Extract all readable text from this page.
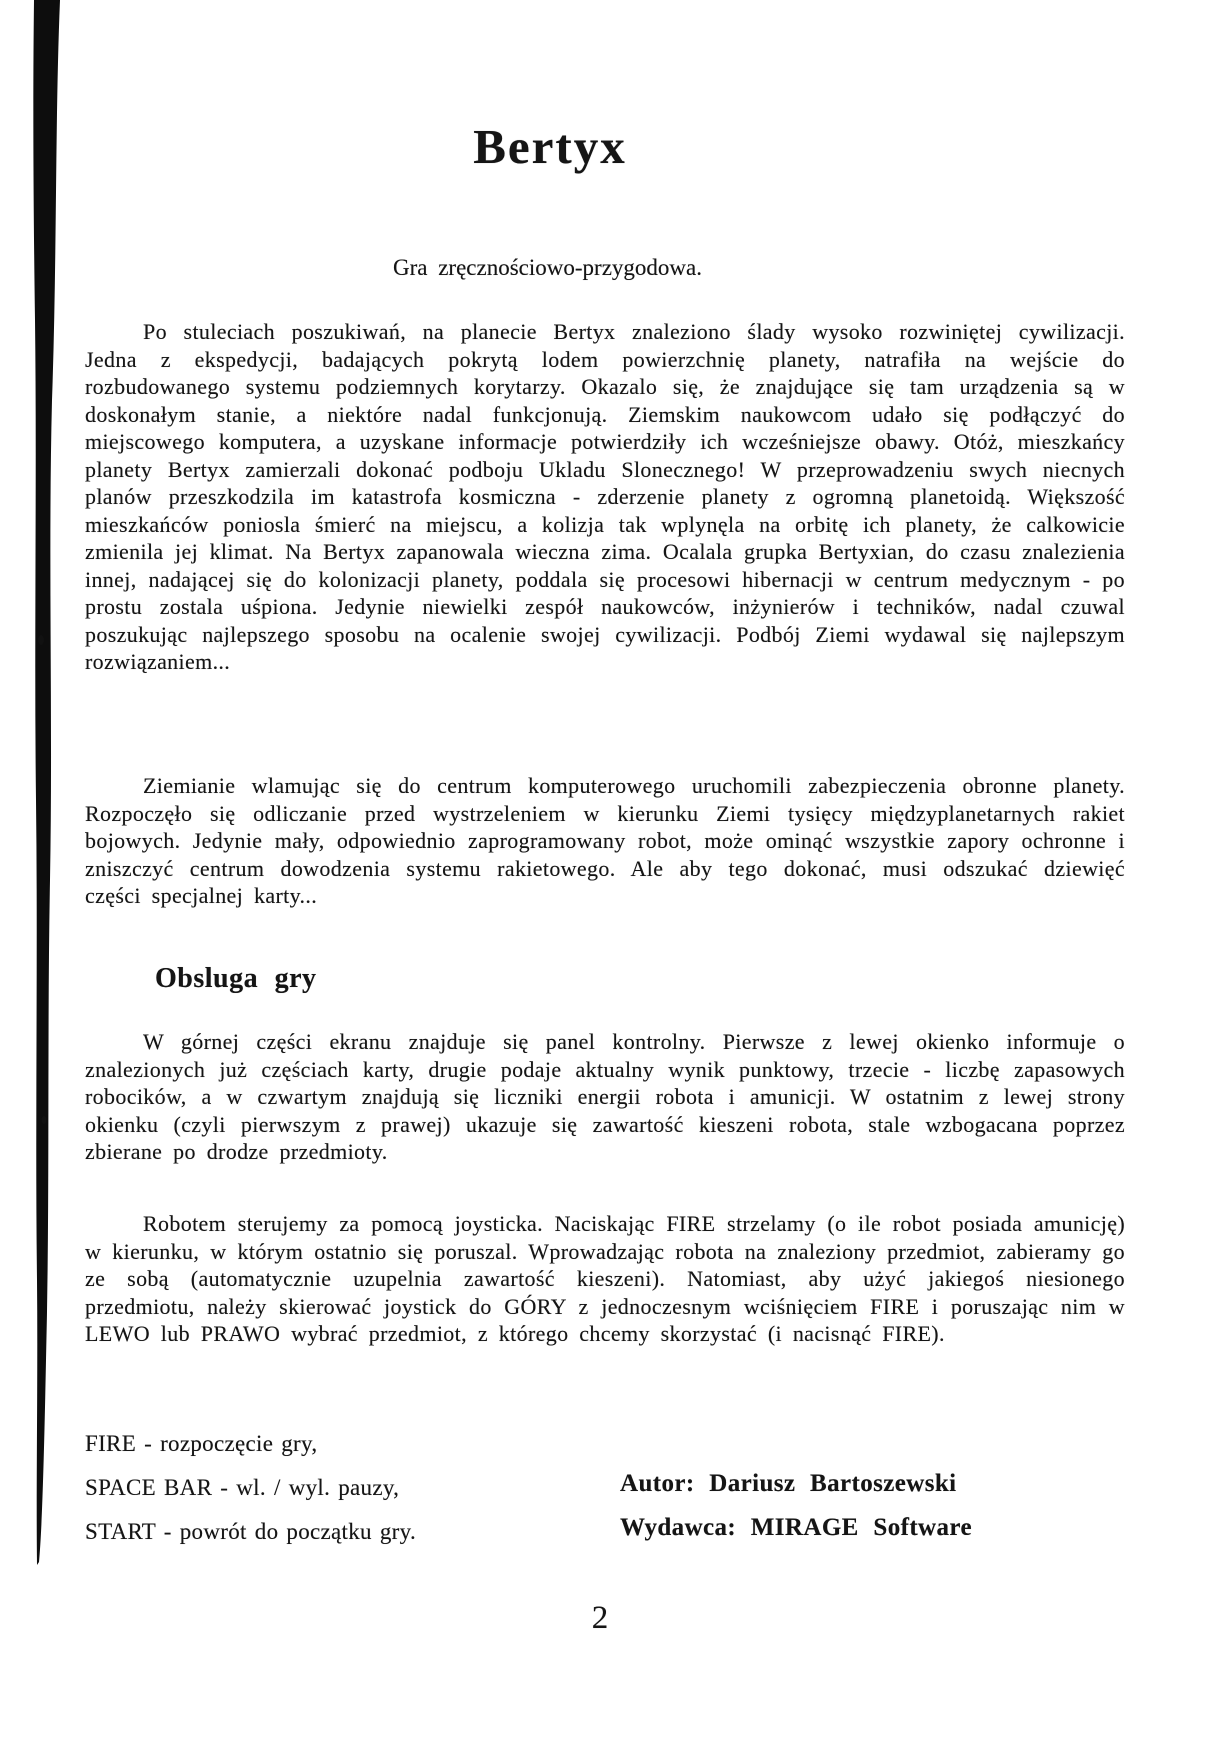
Bertyx
Gra zręcznościowo-przygodowa.

Po stuleciach poszukiwań, na planecie Bertyx znaleziono ślady wysoko rozwiniętej cywilizacji. Jedna z ekspedycji, badających pokrytą lodem powierzchnię planety, natrafiła na wejście do rozbudowanego systemu podziemnych korytarzy. Okazalo się, że znajdujące się tam urządzenia są w doskonałym stanie, a niektóre nadal funkcjonują. Ziemskim naukowcom udało się podłączyć do miejscowego komputera, a uzyskane informacje potwierdziły ich wcześniejsze obawy. Otóż, mieszkańcy planety Bertyx zamierzali dokonać podboju Ukladu Slonecznego! W przeprowadzeniu swych niecnych planów przeszkodzila im katastrofa kosmiczna - zderzenie planety z ogromną planetoidą. Większość mieszkańców poniosla śmierć na miejscu, a kolizja tak wplynęla na orbitę ich planety, że calkowicie zmienila jej klimat. Na Bertyx zapanowala wieczna zima. Ocalala grupka Bertyxian, do czasu znalezienia innej, nadającej się do kolonizacji planety, poddala się procesowi hibernacji w centrum medycznym - po prostu zostala uśpiona. Jedynie niewielki zespół naukowców, inżynierów i techników, nadal czuwal poszukując najlepszego sposobu na ocalenie swojej cywilizacji. Podbój Ziemi wydawal się najlepszym rozwiązaniem...

Ziemianie wlamując się do centrum komputerowego uruchomili zabezpieczenia obronne planety. Rozpoczęło się odliczanie przed wystrzeleniem w kierunku Ziemi tysięcy międzyplanetarnych rakiet bojowych. Jedynie mały, odpowiednio zaprogramowany robot, może ominąć wszystkie zapory ochronne i zniszczyć centrum dowodzenia systemu rakietowego. Ale aby tego dokonać, musi odszukać dziewięć części specjalnej karty...

Obsluga gry

W górnej części ekranu znajduje się panel kontrolny. Pierwsze z lewej okienko informuje o znalezionych już częściach karty, drugie podaje aktualny wynik punktowy, trzecie - liczbę zapasowych robocików, a w czwartym znajdują się liczniki energii robota i amunicji. W ostatnim z lewej strony okienku (czyli pierwszym z prawej) ukazuje się zawartość kieszeni robota, stale wzbogacana poprzez zbierane po drodze przedmioty.

Robotem sterujemy za pomocą joysticka. Naciskając FIRE strzelamy (o ile robot posiada amunicję) w kierunku, w którym ostatnio się poruszal. Wprowadzając robota na znaleziony przedmiot, zabieramy go ze sobą (automatycznie uzupelnia zawartość kieszeni). Natomiast, aby użyć jakiegoś niesionego przedmiotu, należy skierować joystick do GÓRY z jednoczesnym wciśnięciem FIRE i poruszając nim w LEWO lub PRAWO wybrać przedmiot, z którego chcemy skorzystać (i nacisnąć FIRE).

FIRE - rozpoczęcie gry,
SPACE BAR - wl. / wyl. pauzy,
START - powrót do początku gry.
Autor: Dariusz Bartoszewski
Wydawca: MIRAGE Software
2
